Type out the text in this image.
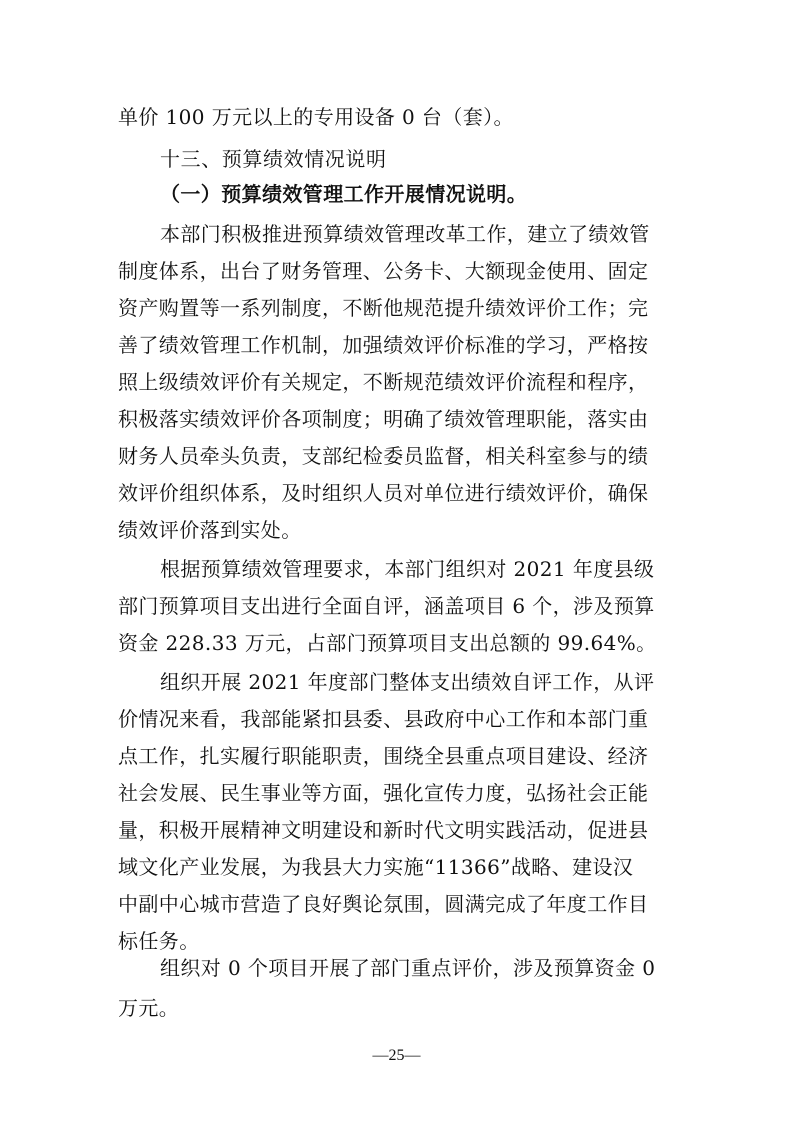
单价 100 万元以上的专用设备 0 台（套）。
十三、预算绩效情况说明
（一）预算绩效管理工作开展情况说明。
本部门积极推进预算绩效管理改革工作，建立了绩效管
制度体系，出台了财务管理、公务卡、大额现金使用、固定
资产购置等一系列制度，不断他规范提升绩效评价工作；完
善了绩效管理工作机制，加强绩效评价标准的学习，严格按
照上级绩效评价有关规定，不断规范绩效评价流程和程序，
积极落实绩效评价各项制度；明确了绩效管理职能，落实由
财务人员牵头负责，支部纪检委员监督，相关科室参与的绩
效评价组织体系，及时组织人员对单位进行绩效评价，确保
绩效评价落到实处。
根据预算绩效管理要求，本部门组织对 2021 年度县级
部门预算项目支出进行全面自评，涵盖项目 6 个，涉及预算
资金 228.33 万元，占部门预算项目支出总额的 99.64%。
组织开展 2021 年度部门整体支出绩效自评工作，从评
价情况来看，我部能紧扣县委、县政府中心工作和本部门重
点工作，扎实履行职能职责，围绕全县重点项目建设、经济
社会发展、民生事业等方面，强化宣传力度，弘扬社会正能
量，积极开展精神文明建设和新时代文明实践活动，促进县
域文化产业发展，为我县大力实施“11366”战略、建设汉
中副中心城市营造了良好舆论氛围，圆满完成了年度工作目
标任务。
组织对 0 个项目开展了部门重点评价，涉及预算资金 0
万元。
—25—
